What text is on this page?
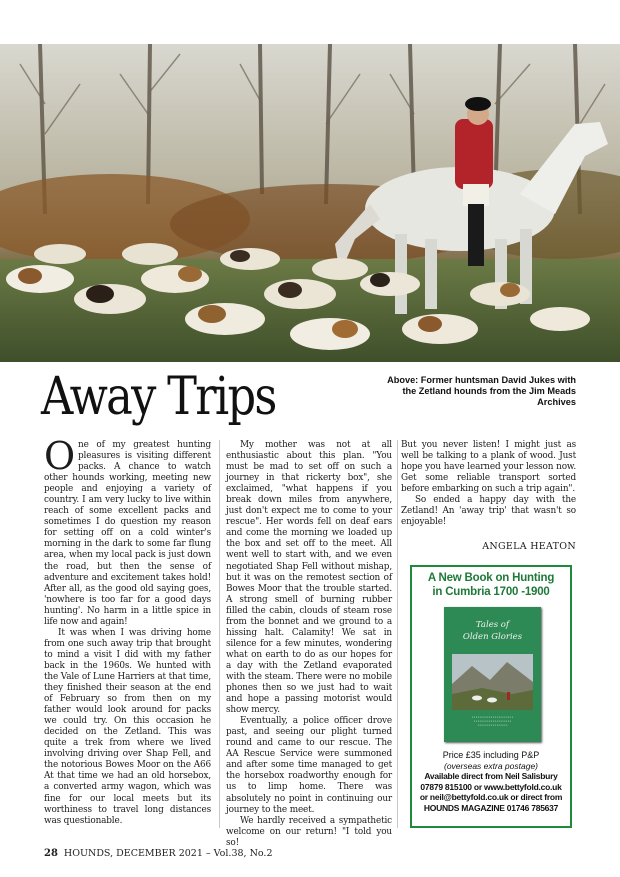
Away Trips	Above: Former huntsman David Jukes with the Zetland hounds from the Jim Meads Archives

One of my greatest hunting pleasures is visiting different packs. A chance to watch other hounds working, meeting new people and enjoying a variety of country. I am very lucky to live within reach of some excellent packs and sometimes I do question my reason for setting off on a cold winter's morning in the dark to some far flung area, when my local pack is just down the road, but then the sense of adventure and excitement takes hold! After all, as the good old saying goes, 'nowhere is too far for a good days hunting'. No harm in a little spice in life now and again!

It was when I was driving home from one such away trip that brought to mind a visit I did with my father back in the 1960s. We hunted with the Vale of Lune Harriers at that time, they finished their season at the end of February so from then on my father would look around for packs we could try. On this occasion he decided on the Zetland. This was quite a trek from where we lived involving driving over Shap Fell, and the notorious Bowes Moor on the A66 At that time we had an old horsebox, a converted army wagon, which was fine for our local meets but its worthiness to travel long distances was questionable.

My mother was not at all enthusiastic about this plan. "You must be mad to set off on such a journey in that rickerty box", she exclaimed, "what happens if you break down miles from anywhere, just don't expect me to come to your rescue". Her words fell on deaf ears and come the morning we loaded up the box and set off to the meet. All went well to start with, and we even negotiated Shap Fell without mishap, but it was on the remotest section of Bowes Moor that the trouble started. A strong smell of burning rubber filled the cabin, clouds of steam rose from the bonnet and we ground to a hissing halt. Calamity! We sat in silence for a few minutes, wondering what on earth to do as our hopes for a day with the Zetland evaporated with the steam. There were no mobile phones then so we just had to wait and hope a passing motorist would show mercy.

Eventually, a police officer drove past, and seeing our plight turned round and came to our rescue. The AA Rescue Service were summoned and after some time managed to get the horsebox roadworthy enough for us to limp home. There was absolutely no point in continuing our journey to the meet.

We hardly received a sympathetic welcome on our return! "I told you so!

But you never listen! I might just as well be talking to a plank of wood. Just hope you have learned your lesson now. Get some reliable transport sorted before embarking on such a trip again".

So ended a happy day with the Zetland! An 'away trip' that wasn't so enjoyable!

ANGELA HEATON
A New Book on Hunting
in Cumbria 1700 -1900
Tales of
Olden Glories
▪ ▪ ▪ ▪ ▪ ▪ ▪ ▪ ▪ ▪ ▪ ▪ ▪ ▪ ▪ ▪ ▪ ▪ ▪ ▪ ▪ ▪
▪ ▪ ▪ ▪ ▪ ▪ ▪ ▪ ▪ ▪ ▪ ▪ ▪ ▪ ▪ ▪ ▪ ▪ ▪ ▪
▪ ▪ ▪ ▪ ▪ ▪ ▪ ▪ ▪ ▪ ▪ ▪ ▪ ▪ ▪ ▪
Price £35 including P&P
(overseas extra postage)
Available direct from Neil Salisbury
07879 815100 or www.bettyfold.co.uk
or neil@bettyfold.co.uk or direct from
HOUNDS MAGAZINE 01746 785637
28 HOUNDS, DECEMBER 2021 – Vol.38, No.2
